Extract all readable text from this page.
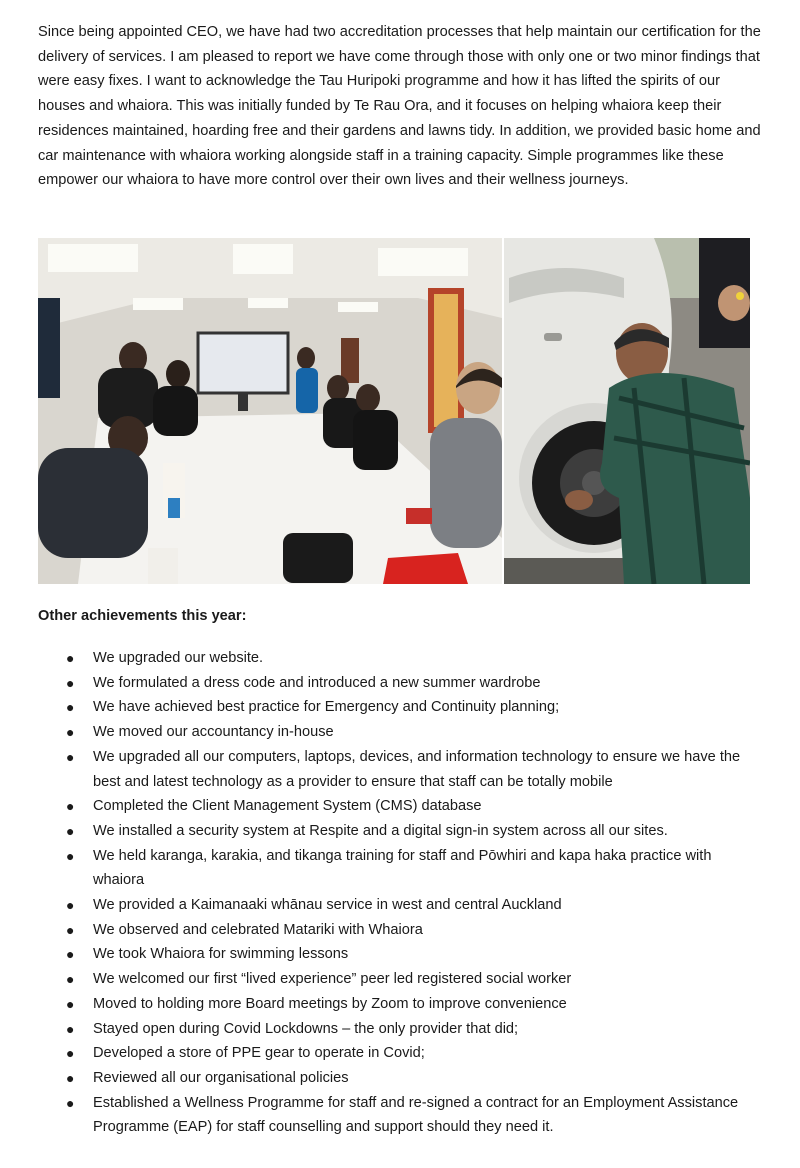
Since being appointed CEO, we have had two accreditation processes that help maintain our certification for the delivery of services. I am pleased to report we have come through those with only one or two minor findings that were easy fixes. I want to acknowledge the Tau Huripoki programme and how it has lifted the spirits of our houses and whaiora. This was initially funded by Te Rau Ora, and it focuses on helping whaiora keep their residences maintained, hoarding free and their gardens and lawns tidy. In addition, we provided basic home and car maintenance with whaiora working alongside staff in a training capacity. Simple programmes like these empower our whaiora to have more control over their own lives and their wellness journeys.

Other achievements this year:

● We upgraded our website.
● We formulated a dress code and introduced a new summer wardrobe
● We have achieved best practice for Emergency and Continuity planning;
● We moved our accountancy in-house
● We upgraded all our computers, laptops, devices, and information technology to ensure we have the best and latest technology as a provider to ensure that staff can be totally mobile
● Completed the Client Management System (CMS) database
● We installed a security system at Respite and a digital sign-in system across all our sites.
● We held karanga, karakia, and tikanga training for staff and Pōwhiri and kapa haka practice with whaiora
● We provided a Kaimanaaki whānau service in west and central Auckland
● We observed and celebrated Matariki with Whaiora
● We took Whaiora for swimming lessons
● We welcomed our first “lived experience” peer led registered social worker
● Moved to holding more Board meetings by Zoom to improve convenience
● Stayed open during Covid Lockdowns – the only provider that did;
● Developed a store of PPE gear to operate in Covid;
● Reviewed all our organisational policies
● Established a Wellness Programme for staff and re-signed a contract for an Employment Assistance Programme (EAP) for staff counselling and support should they need it.
